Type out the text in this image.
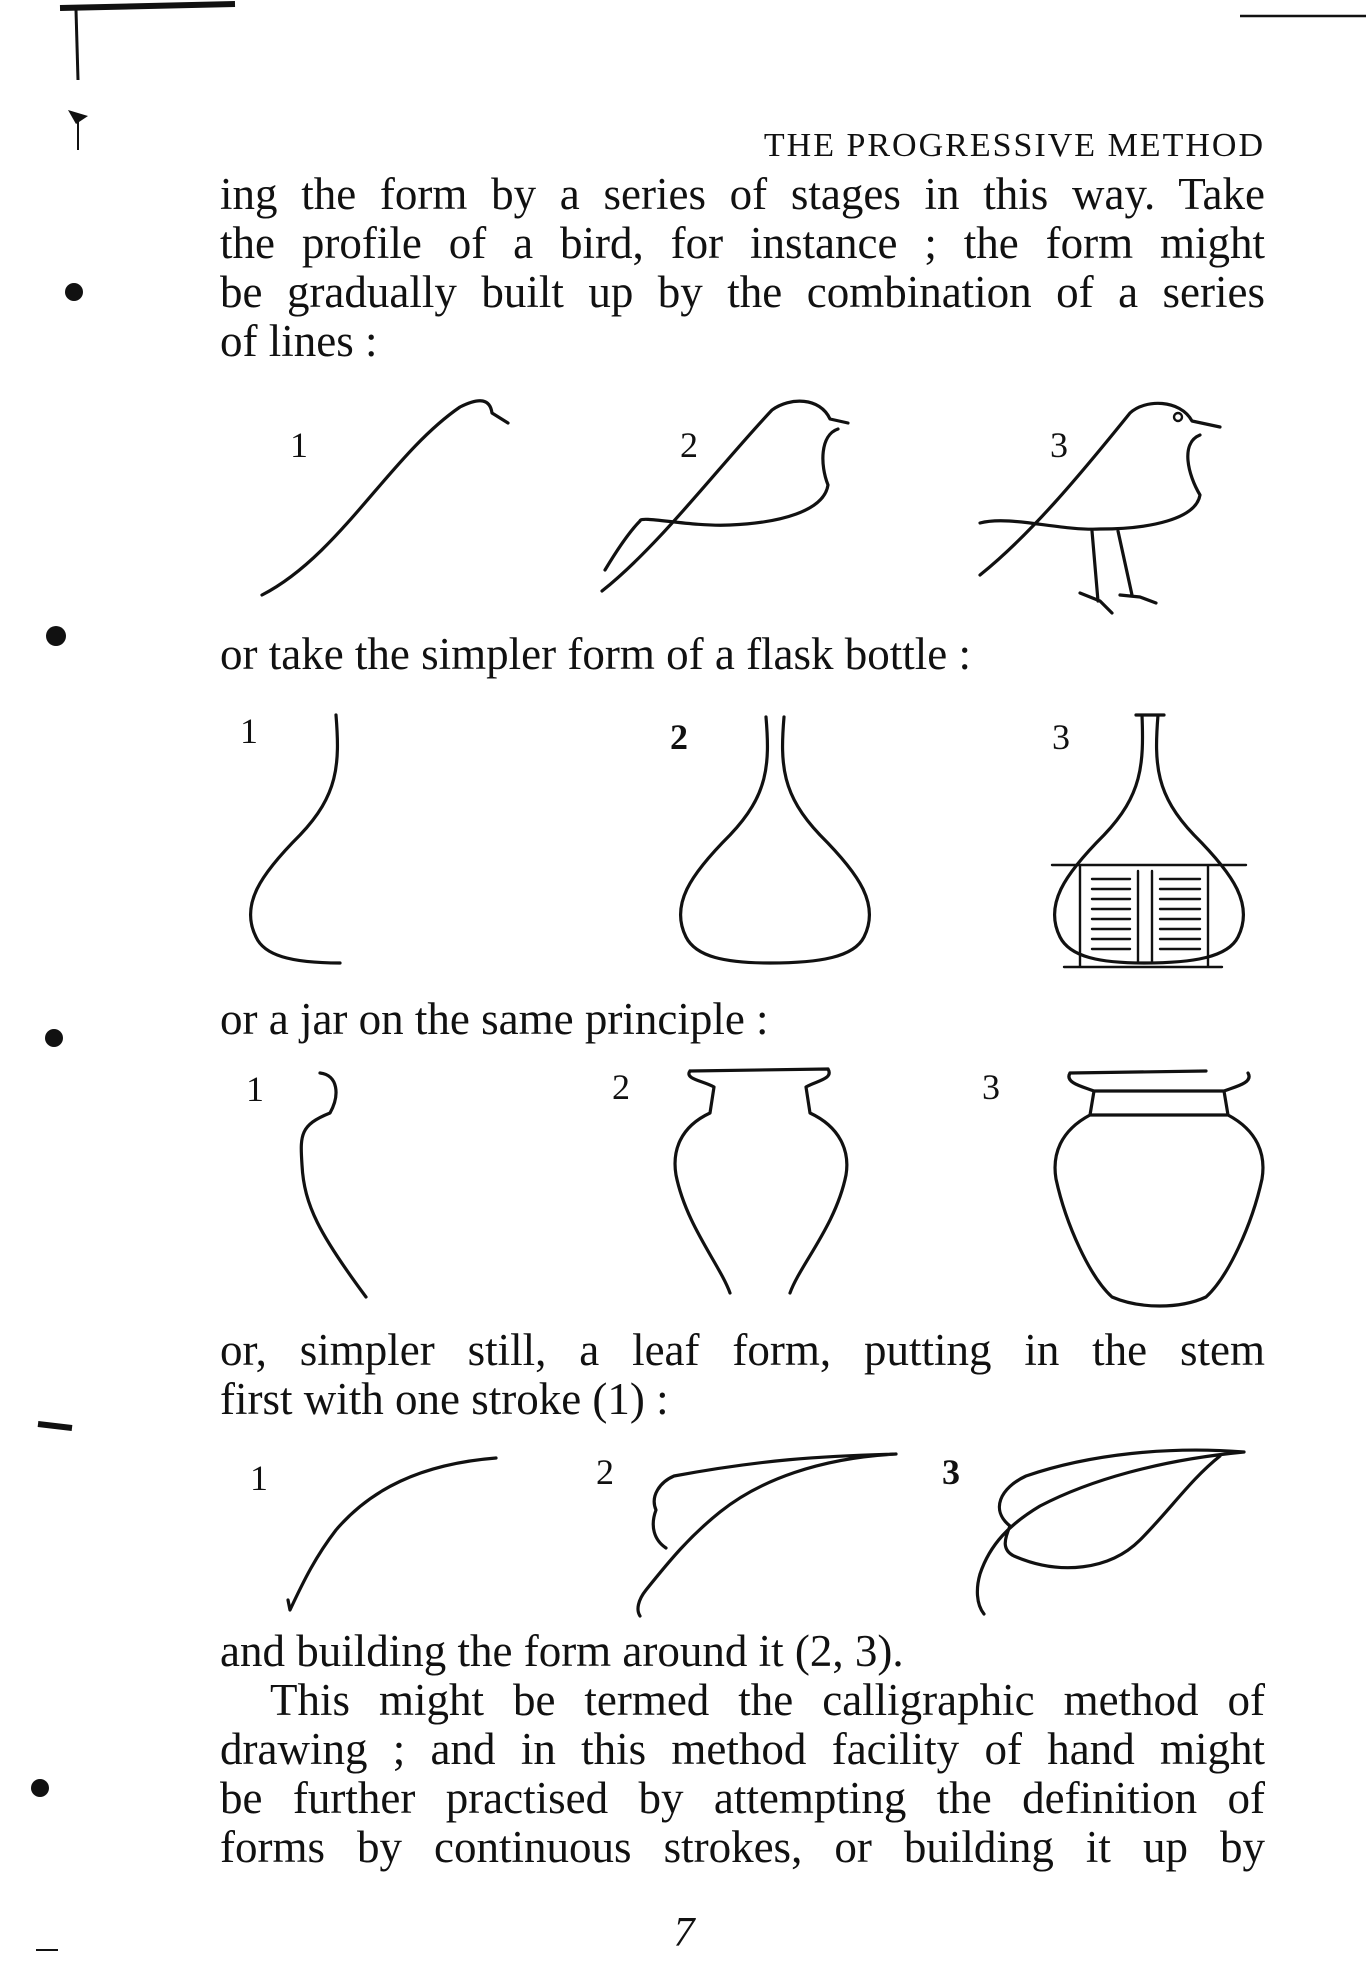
THE PROGRESSIVE METHOD
ing the form by a series of stages in this way. Take
the profile of a bird, for instance ; the form might
be gradually built up by the combination of a series
of lines :
1	2	3
or take the simpler form of a flask bottle :
1	2	3
or a jar on the same principle :
1	2	3
or, simpler still, a leaf form, putting in the stem
first with one stroke (1) :
1	2	3
and building the form around it (2, 3).
This might be termed the calligraphic method of
drawing ; and in this method facility of hand might
be further practised by attempting the definition of
forms by continuous strokes, or building it up by
7
